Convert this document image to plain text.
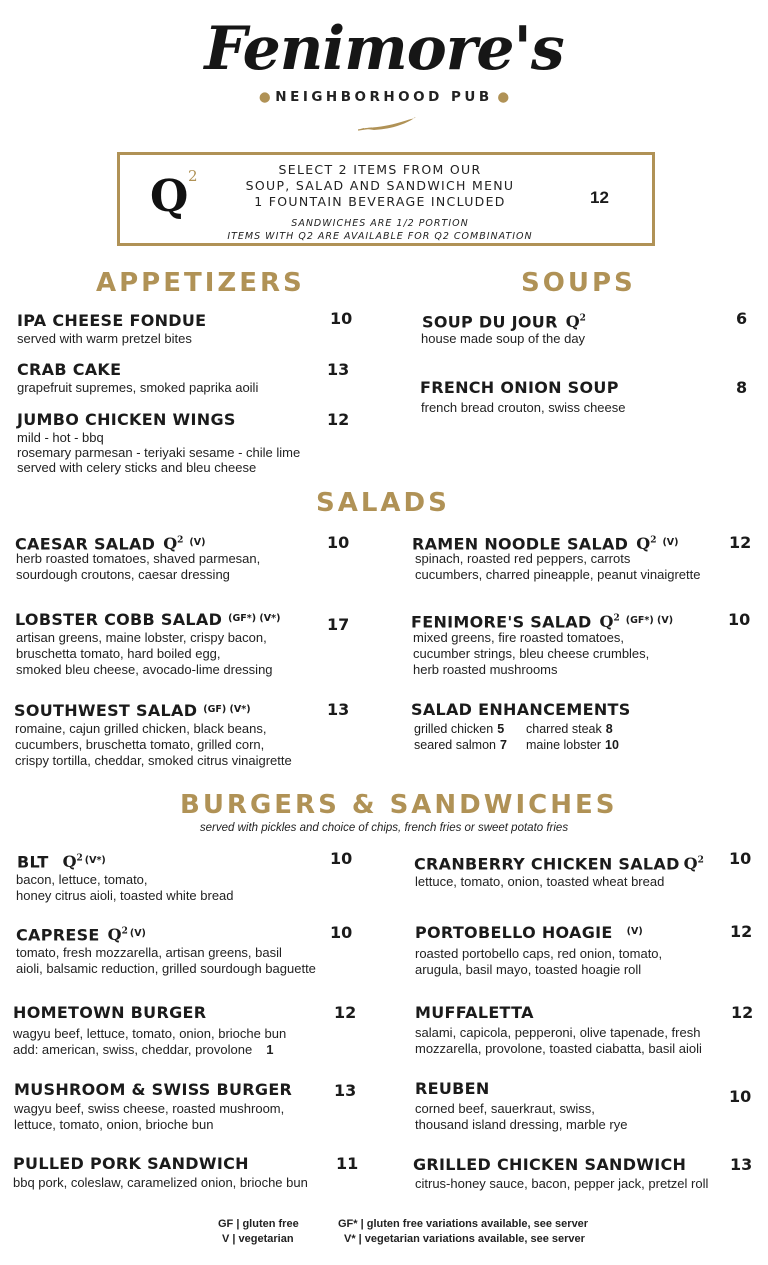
Fenimore's
● NEIGHBORHOOD PUB ●
Q 2	SELECT 2 ITEMS FROM OUR
SOUP, SALAD AND SANDWICH MENU
1 FOUNTAIN BEVERAGE INCLUDED
SANDWICHES ARE 1/2 PORTION
ITEMS WITH Q2 ARE AVAILABLE FOR Q2 COMBINATION
12
APPETIZERS
IPA CHEESE FONDUE	10
served with warm pretzel bites
CRAB CAKE	13
grapefruit supremes, smoked paprika aoili
JUMBO CHICKEN WINGS	12
mild - hot - bbq
rosemary parmesan - teriyaki sesame - chile lime
served with celery sticks and bleu cheese
SOUPS
SOUP DU JOUR $Q^2$	6
house made soup of the day
FRENCH ONION SOUP	8
french bread crouton, swiss cheese
SALADS
CAESAR SALAD $Q^2$ $^{(V)}$	10
herb roasted tomatoes, shaved parmesan,
sourdough croutons, caesar dressing
RAMEN NOODLE SALAD $Q^2$ $^{(V)}$	12
spinach, roasted red peppers, carrots
cucumbers, charred pineapple, peanut vinaigrette
LOBSTER COBB SALAD $^{(GF*) (V*)}$	17
artisan greens, maine lobster, crispy bacon,
bruschetta tomato, hard boiled egg,
smoked bleu cheese, avocado-lime dressing
FENIMORE'S SALAD $Q^2$ $^{(GF*) (V)}$	10
mixed greens, fire roasted tomatoes,
cucumber strings, bleu cheese crumbles,
herb roasted mushrooms
SOUTHWEST SALAD $^{(GF) (V*)}$	13
romaine, cajun grilled chicken, black beans,
cucumbers, bruschetta tomato, grilled corn,
crispy tortilla, cheddar, smoked citrus vinaigrette
SALAD ENHANCEMENTS
grilled chicken 5 charred steak 8
seared salmon 7 maine lobster 10
BURGERS & SANDWICHES
served with pickles and choice of chips, french fries or sweet potato fries
BLT $Q^2$ $^{(V*)}$	10
bacon, lettuce, tomato,
honey citrus aioli, toasted white bread
CRANBERRY CHICKEN SALAD $Q^2$ 10
lettuce, tomato, onion, toasted wheat bread
CAPRESE $Q^2$ $^{(V)}$	10
tomato, fresh mozzarella, artisan greens, basil
aioli, balsamic reduction, grilled sourdough baguette
PORTOBELLO HOAGIE $^{(V)}$	12
roasted portobello caps, red onion, tomato,
arugula, basil mayo, toasted hoagie roll
HOMETOWN BURGER	12
wagyu beef, lettuce, tomato, onion, brioche bun
add: american, swiss, cheddar, provolone 1
MUFFALETTA	12
salami, capicola, pepperoni, olive tapenade, fresh
mozzarella, provolone, toasted ciabatta, basil aioli
MUSHROOM & SWISS BURGER	13
wagyu beef, swiss cheese, roasted mushroom,
lettuce, tomato, onion, brioche bun
REUBEN	10
corned beef, sauerkraut, swiss,
thousand island dressing, marble rye
PULLED PORK SANDWICH	11
bbq pork, coleslaw, caramelized onion, brioche bun
GRILLED CHICKEN SANDWICH	13
citrus-honey sauce, bacon, pepper jack, pretzel roll
GF | gluten free
V | vegetarian
GF* | gluten free variations available, see server
V* | vegetarian variations available, see server
